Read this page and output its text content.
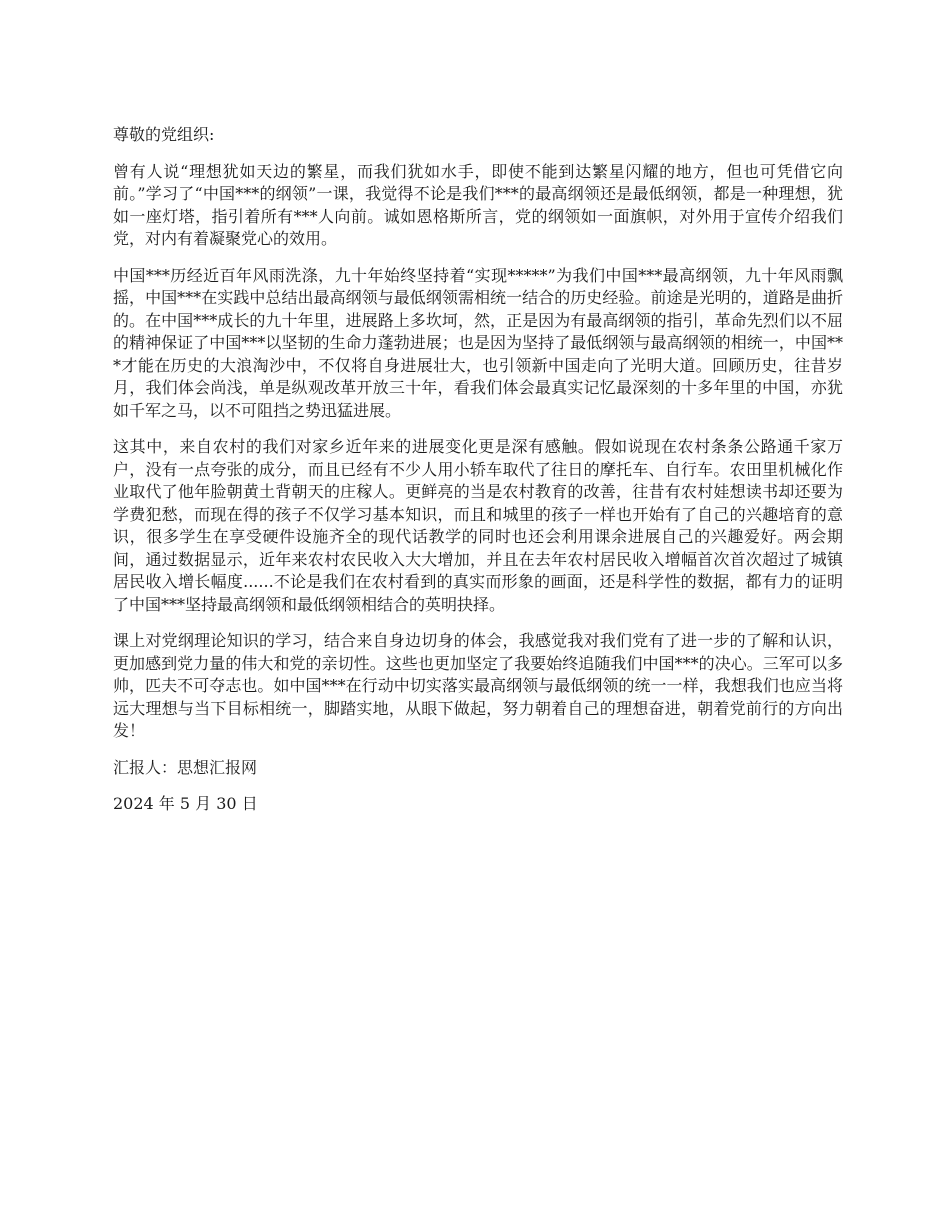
尊敬的党组织:

曾有人说“理想犹如天边的繁星，而我们犹如水手，即使不能到达繁星闪耀的地方，但也可凭借它向前。”学习了“中国***的纲领”一课，我觉得不论是我们***的最高纲领还是最低纲领，都是一种理想，犹如一座灯塔，指引着所有***人向前。诚如恩格斯所言，党的纲领如一面旗帜，对外用于宣传介绍我们党，对内有着凝聚党心的效用。

中国***历经近百年风雨洗涤，九十年始终坚持着“实现*****”为我们中国***最高纲领，九十年风雨飘摇，中国***在实践中总结出最高纲领与最低纲领需相统一结合的历史经验。前途是光明的，道路是曲折的。在中国***成长的九十年里，进展路上多坎坷，然，正是因为有最高纲领的指引，革命先烈们以不屈的精神保证了中国***以坚韧的生命力蓬勃进展；也是因为坚持了最低纲领与最高纲领的相统一，中国***才能在历史的大浪淘沙中，不仅将自身进展壮大，也引领新中国走向了光明大道。回顾历史，往昔岁月，我们体会尚浅，单是纵观改革开放三十年，看我们体会最真实记忆最深刻的十多年里的中国，亦犹如千军之马，以不可阻挡之势迅猛进展。

这其中，来自农村的我们对家乡近年来的进展变化更是深有感触。假如说现在农村条条公路通千家万户，没有一点夸张的成分，而且已经有不少人用小轿车取代了往日的摩托车、自行车。农田里机械化作业取代了他年脸朝黄土背朝天的庄稼人。更鲜亮的当是农村教育的改善，往昔有农村娃想读书却还要为学费犯愁，而现在得的孩子不仅学习基本知识，而且和城里的孩子一样也开始有了自己的兴趣培育的意识，很多学生在享受硬件设施齐全的现代话教学的同时也还会利用课余进展自己的兴趣爱好。两会期间，通过数据显示，近年来农村农民收入大大增加，并且在去年农村居民收入增幅首次首次超过了城镇居民收入增长幅度......不论是我们在农村看到的真实而形象的画面，还是科学性的数据，都有力的证明了中国***坚持最高纲领和最低纲领相结合的英明抉择。

课上对党纲理论知识的学习，结合来自身边切身的体会，我感觉我对我们党有了进一步的了解和认识，更加感到党力量的伟大和党的亲切性。这些也更加坚定了我要始终追随我们中国***的决心。三军可以多帅，匹夫不可夺志也。如中国***在行动中切实落实最高纲领与最低纲领的统一一样，我想我们也应当将远大理想与当下目标相统一，脚踏实地，从眼下做起，努力朝着自己的理想奋进，朝着党前行的方向出发！

汇报人：思想汇报网

2024 年 5 月 30 日
